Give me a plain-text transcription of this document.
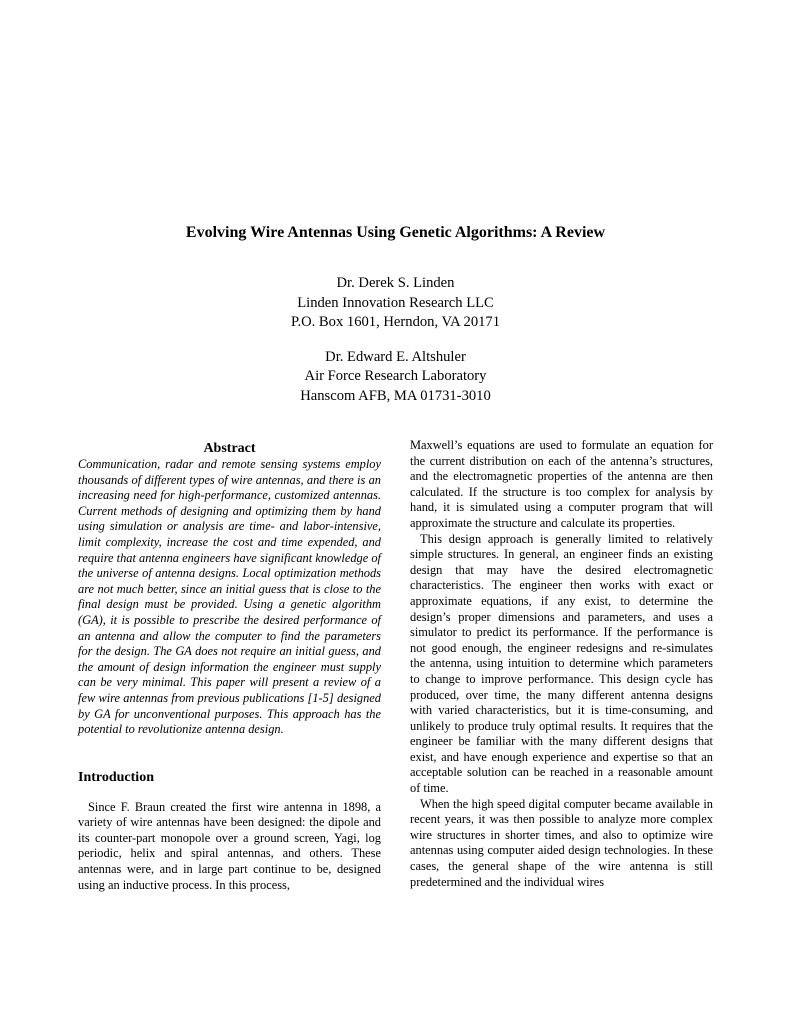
Evolving Wire Antennas Using Genetic Algorithms: A Review
Dr. Derek S. Linden
Linden Innovation Research LLC
P.O. Box 1601, Herndon, VA 20171
Dr. Edward E. Altshuler
Air Force Research Laboratory
Hanscom AFB, MA 01731-3010
Abstract

Communication, radar and remote sensing systems employ thousands of different types of wire antennas, and there is an increasing need for high-performance, customized antennas. Current methods of designing and optimizing them by hand using simulation or analysis are time- and labor-intensive, limit complexity, increase the cost and time expended, and require that antenna engineers have significant knowledge of the universe of antenna designs. Local optimization methods are not much better, since an initial guess that is close to the final design must be provided. Using a genetic algorithm (GA), it is possible to prescribe the desired performance of an antenna and allow the computer to find the parameters for the design. The GA does not require an initial guess, and the amount of design information the engineer must supply can be very minimal. This paper will present a review of a few wire antennas from previous publications [1-5] designed by GA for unconventional purposes. This approach has the potential to revolutionize antenna design.

Introduction

Since F. Braun created the first wire antenna in 1898, a variety of wire antennas have been designed: the dipole and its counter-part monopole over a ground screen, Yagi, log periodic, helix and spiral antennas, and others. These antennas were, and in large part continue to be, designed using an inductive process. In this process,

Maxwell’s equations are used to formulate an equation for the current distribution on each of the antenna’s structures, and the electromagnetic properties of the antenna are then calculated. If the structure is too complex for analysis by hand, it is simulated using a computer program that will approximate the structure and calculate its properties.

This design approach is generally limited to relatively simple structures. In general, an engineer finds an existing design that may have the desired electromagnetic characteristics. The engineer then works with exact or approximate equations, if any exist, to determine the design’s proper dimensions and parameters, and uses a simulator to predict its performance. If the performance is not good enough, the engineer redesigns and re-simulates the antenna, using intuition to determine which parameters to change to improve performance. This design cycle has produced, over time, the many different antenna designs with varied characteristics, but it is time-consuming, and unlikely to produce truly optimal results. It requires that the engineer be familiar with the many different designs that exist, and have enough experience and expertise so that an acceptable solution can be reached in a reasonable amount of time.

When the high speed digital computer became available in recent years, it was then possible to analyze more complex wire structures in shorter times, and also to optimize wire antennas using computer aided design technologies. In these cases, the general shape of the wire antenna is still predetermined and the individual wires
